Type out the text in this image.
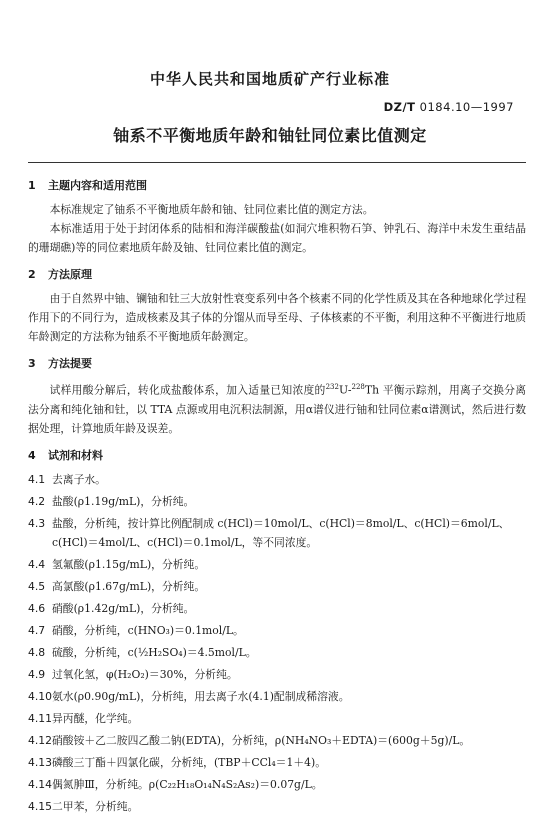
中华人民共和国地质矿产行业标准
DZ/T 0184.10—1997
铀系不平衡地质年龄和铀钍同位素比值测定
1 主题内容和适用范围

本标准规定了铀系不平衡地质年龄和铀、钍同位素比值的测定方法。

本标准适用于处于封闭体系的陆相和海洋碳酸盐(如洞穴堆积物石笋、钟乳石、海洋中未发生重结晶的珊瑚礁)等的同位素地质年龄及铀、钍同位素比值的测定。

2 方法原理

由于自然界中铀、镧铀和钍三大放射性衰变系列中各个核素不同的化学性质及其在各种地球化学过程作用下的不同行为，造成核素及其子体的分馏从而导至母、子体核素的不平衡，利用这种不平衡进行地质年龄测定的方法称为铀系不平衡地质年龄测定。

3 方法提要

试样用酸分解后，转化成盐酸体系，加入适量已知浓度的$^{232}$U-$^{228}$Th 平衡示踪剂，用离子交换分离法分离和纯化铀和钍，以 TTA 点源或用电沉积法制源，用α谱仪进行铀和钍同位素α谱测试，然后进行数据处理，计算地质年龄及误差。

4 试剂和材料
4.1 去离子水。
4.2 盐酸(ρ1.19g/mL)，分析纯。
4.3 盐酸，分析纯，按计算比例配制成 c(HCl)＝10mol/L、c(HCl)＝8mol/L、c(HCl)＝6mol/L、c(HCl)＝4mol/L、c(HCl)＝0.1mol/L，等不同浓度。
4.4 氢氟酸(ρ1.15g/mL)，分析纯。
4.5 高氯酸(ρ1.67g/mL)，分析纯。
4.6 硝酸(ρ1.42g/mL)，分析纯。
4.7 硝酸，分析纯，c(HNO₃)＝0.1mol/L。
4.8 硫酸，分析纯，c(½H₂SO₄)＝4.5mol/L。
4.9 过氧化氢，φ(H₂O₂)＝30%，分析纯。
4.10 氨水(ρ0.90g/mL)，分析纯，用去离子水(4.1)配制成稀溶液。
4.11 异丙醚，化学纯。
4.12 硝酸铵＋乙二胺四乙酸二钠(EDTA)，分析纯，ρ(NH₄NO₃＋EDTA)＝(600g＋5g)/L。
4.13 磷酸三丁酯＋四氯化碳，分析纯，(TBP＋CCl₄＝1＋4)。
4.14 偶氮胂Ⅲ，分析纯。ρ(C₂₂H₁₈O₁₄N₄S₂As₂)＝0.07g/L。
4.15 二甲苯，分析纯。
